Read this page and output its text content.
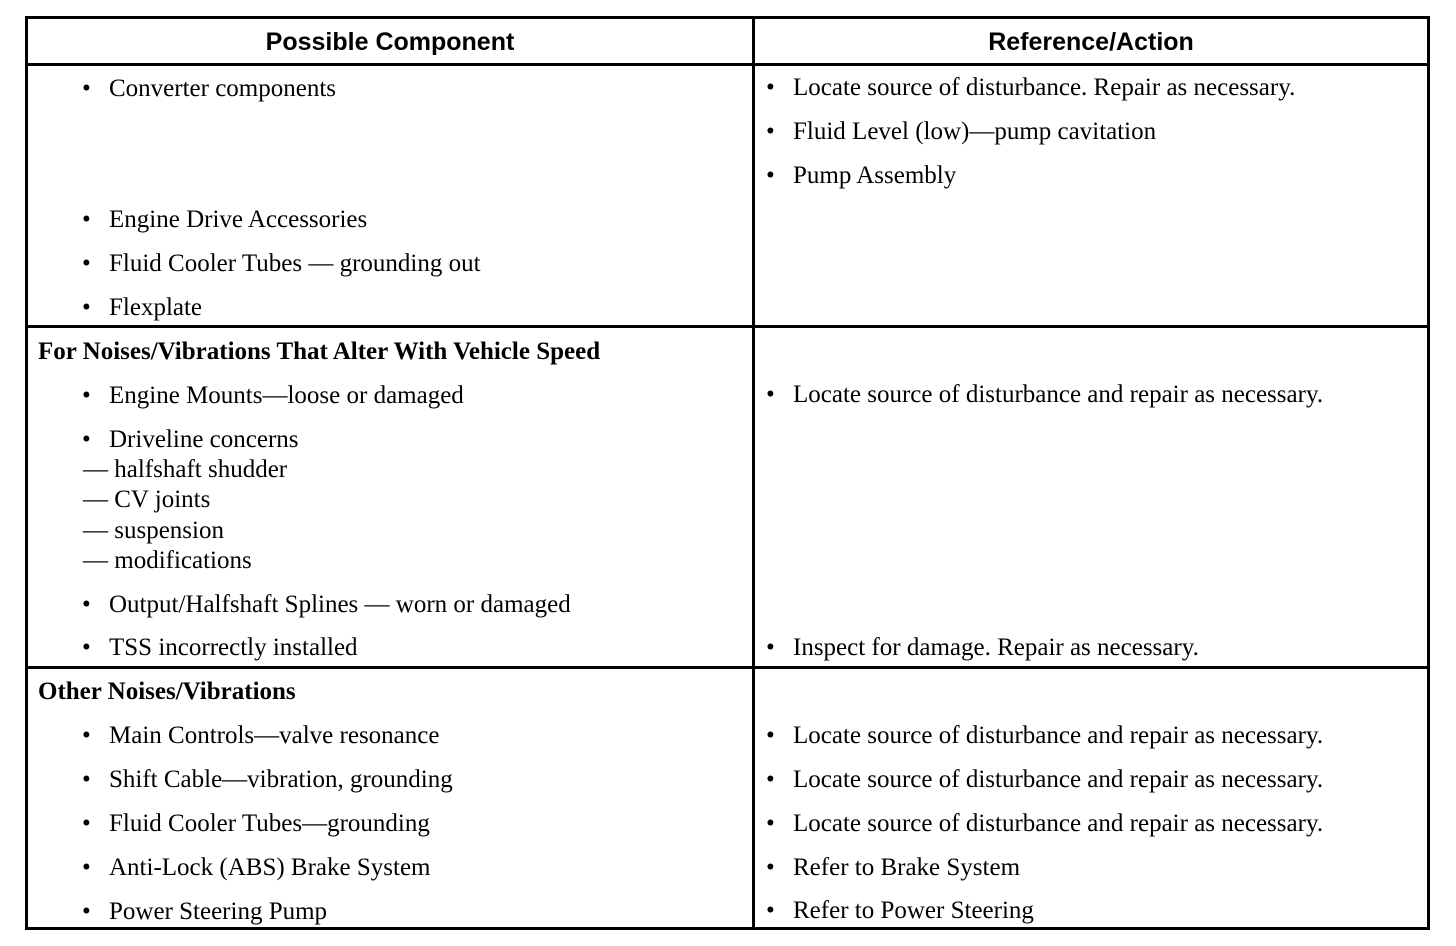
Possible Component	Reference/Action
• Converter components
• Engine Drive Accessories
• Fluid Cooler Tubes — grounding out
• Flexplate
• Locate source of disturbance. Repair as necessary.
• Fluid Level (low)—pump cavitation
• Pump Assembly
For Noises/Vibrations That Alter With Vehicle Speed
• Engine Mounts—loose or damaged
• Driveline concerns
— halfshaft shudder
— CV joints
— suspension
— modifications
• Output/Halfshaft Splines — worn or damaged
• TSS incorrectly installed
• Locate source of disturbance and repair as necessary.
• Inspect for damage. Repair as necessary.
Other Noises/Vibrations
• Main Controls—valve resonance
• Shift Cable—vibration, grounding
• Fluid Cooler Tubes—grounding
• Anti-Lock (ABS) Brake System
• Power Steering Pump
• Locate source of disturbance and repair as necessary.
• Locate source of disturbance and repair as necessary.
• Locate source of disturbance and repair as necessary.
• Refer to Brake System
• Refer to Power Steering
